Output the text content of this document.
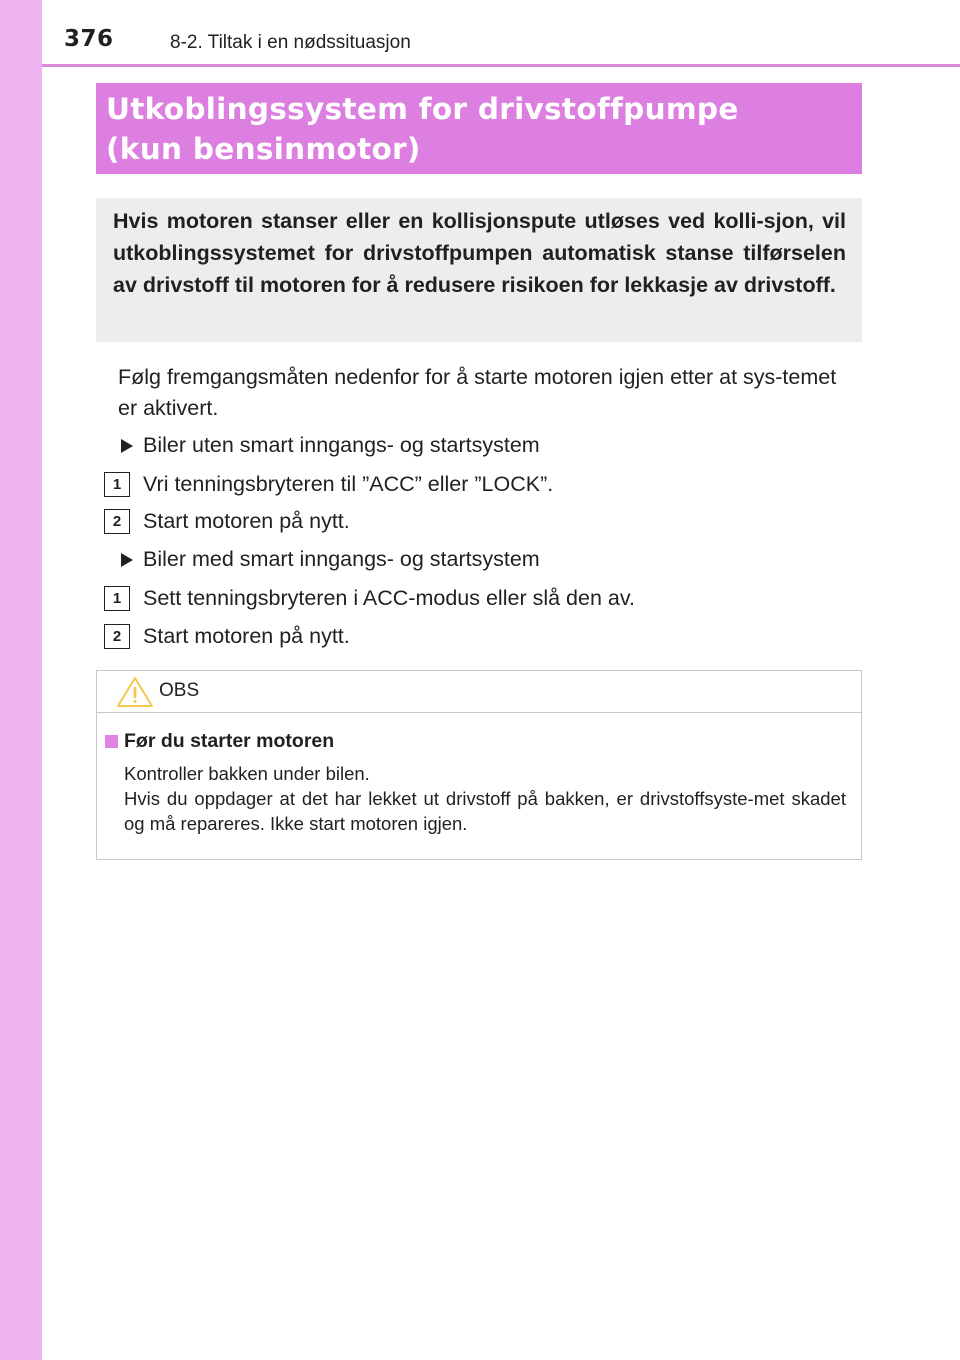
376	8-2. Tiltak i en nødssituasjon
Utkoblingssystem for drivstoffpumpe
(kun bensinmotor)

Hvis motoren stanser eller en kollisjonspute utløses ved kolli-sjon, vil utkoblingssystemet for drivstoffpumpen automatisk stanse tilførselen av drivstoff til motoren for å redusere risikoen for lekkasje av drivstoff.

Følg fremgangsmåten nedenfor for å starte motoren igjen etter at sys-temet er aktivert.

Biler uten smart inngangs- og startsystem
1	Vri tenningsbryteren til ”ACC” eller ”LOCK”.
2	Start motoren på nytt.
Biler med smart inngangs- og startsystem
1	Sett tenningsbryteren i ACC-modus eller slå den av.
2	Start motoren på nytt.
OBS
Før du starter motoren

Kontroller bakken under bilen.
Hvis du oppdager at det har lekket ut drivstoff på bakken, er drivstoffsyste-met skadet og må repareres. Ikke start motoren igjen.
